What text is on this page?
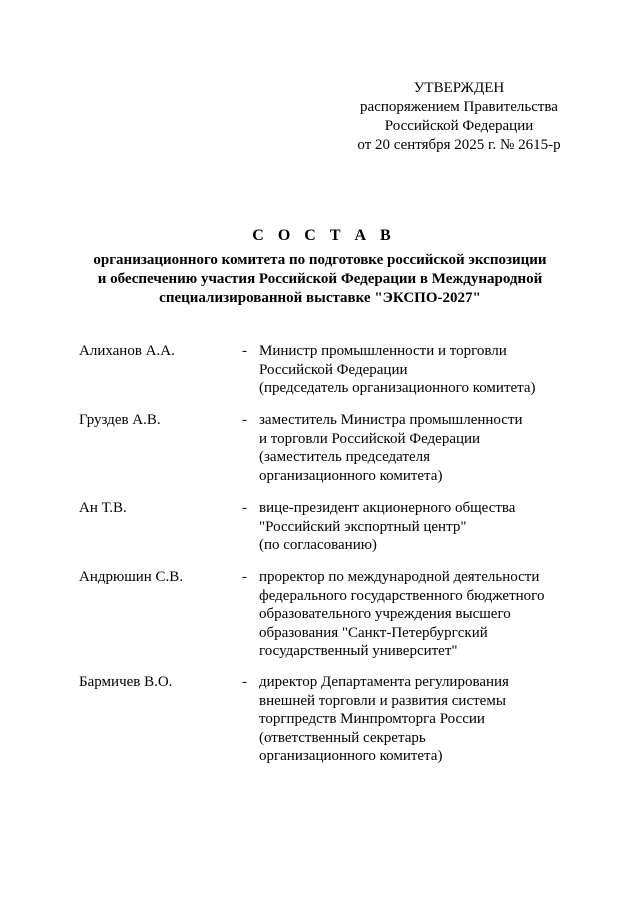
УТВЕРЖДЕН
распоряжением Правительства
Российской Федерации
от 20 сентября 2025 г. № 2615-р
С О С Т А В
организационного комитета по подготовке российской экспозиции
и обеспечению участия Российской Федерации в Международной
специализированной выставке "ЭКСПО-2027"
Алиханов А.А.	- Министр промышленности и торговли
Российской Федерации
(председатель организационного комитета)
Груздев А.В.	- заместитель Министра промышленности
и торговли Российской Федерации
(заместитель председателя
организационного комитета)
Ан Т.В.	- вице-президент акционерного общества
"Российский экспортный центр"
(по согласованию)
Андрюшин С.В.	- проректор по международной деятельности
федерального государственного бюджетного
образовательного учреждения высшего
образования "Санкт-Петербургский
государственный университет"
Бармичев В.О.	- директор Департамента регулирования
внешней торговли и развития системы
торгпредств Минпромторга России
(ответственный секретарь
организационного комитета)
